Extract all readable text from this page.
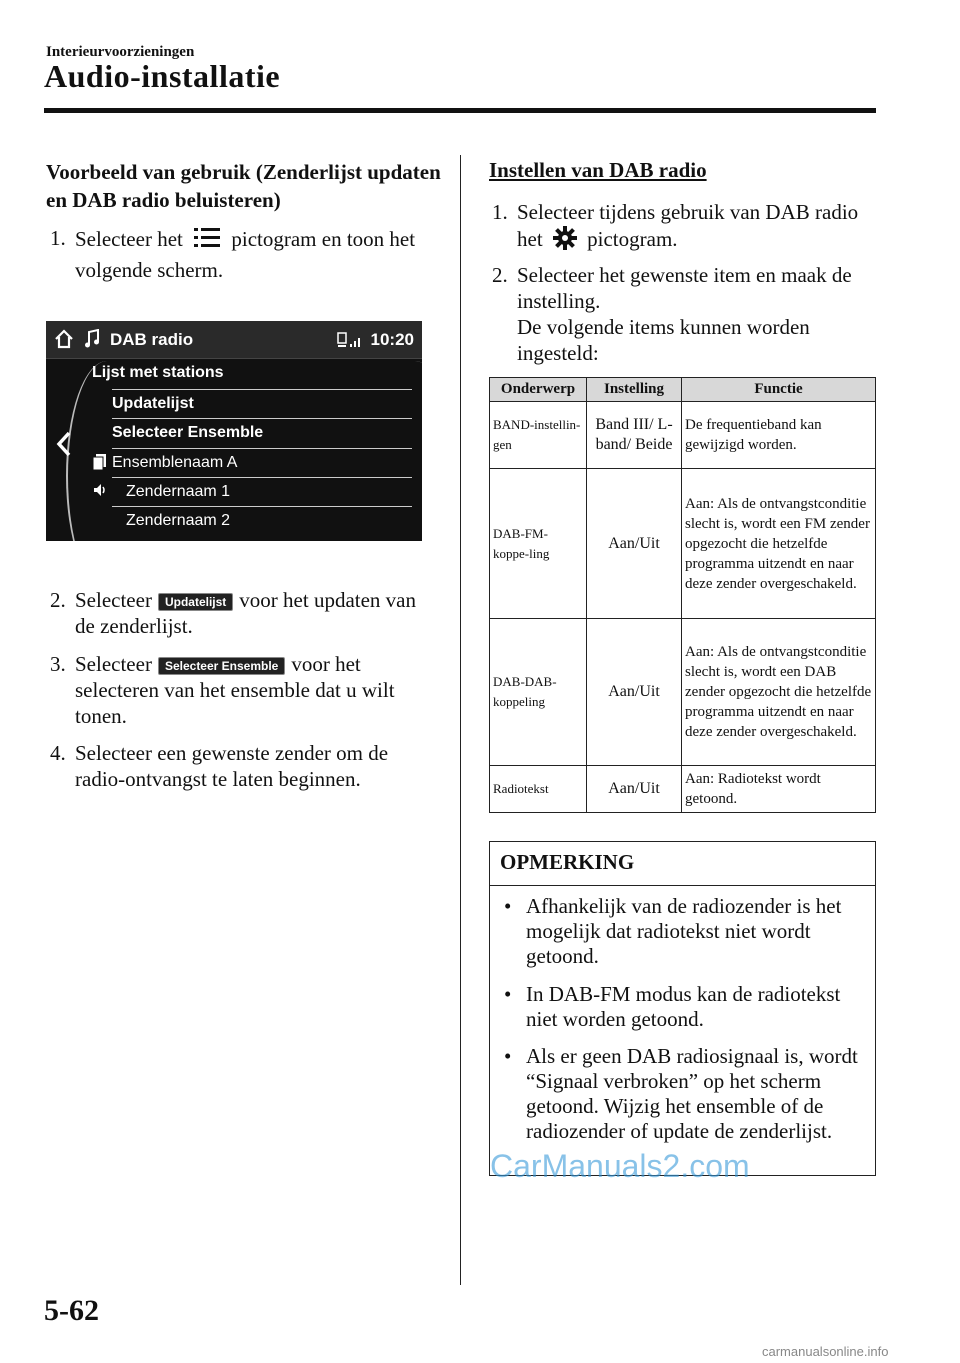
Interieurvoorzieningen
Audio-installatie
Voorbeeld van gebruik (Zenderlijst updaten en DAB radio beluisteren)
1. Selecteer het pictogram en toon het volgende scherm.
DAB radio	10:20
Lijst met stations
Updatelijst
Selecteer Ensemble
Ensemblenaam A
Zendernaam 1
Zendernaam 2
2. Selecteer Updatelijst voor het updaten van de zenderlijst.
3. Selecteer Selecteer Ensemble voor het selecteren van het ensemble dat u wilt tonen.
4. Selecteer een gewenste zender om de radio-ontvangst te laten beginnen.
Instellen van DAB radio
1. Selecteer tijdens gebruik van DAB radio het pictogram.
2. Selecteer het gewenste item en maak de instelling.
De volgende items kunnen worden ingesteld:
Onderwerp	Instelling	Functie
BAND-instellin-gen	Band III/ L-band/ Beide	De frequentieband kan gewijzigd worden.
DAB-FM-koppe-ling	Aan/Uit	Aan: Als de ontvangstconditie slecht is, wordt een FM zender opgezocht die hetzelfde programma uitzendt en naar deze zender overgeschakeld.
DAB-DAB-koppeling	Aan/Uit	Aan: Als de ontvangstconditie slecht is, wordt een DAB zender opgezocht die hetzelfde programma uitzendt en naar deze zender overgeschakeld.
Radiotekst	Aan/Uit	Aan: Radiotekst wordt getoond.
OPMERKING
• Afhankelijk van de radiozender is het mogelijk dat radiotekst niet wordt getoond.
• In DAB-FM modus kan de radiotekst niet worden getoond.
• Als er geen DAB radiosignaal is, wordt “Signaal verbroken” op het scherm getoond. Wijzig het ensemble of de radiozender of update de zenderlijst.
CarManuals2.com
5-62
carmanualsonline.info
